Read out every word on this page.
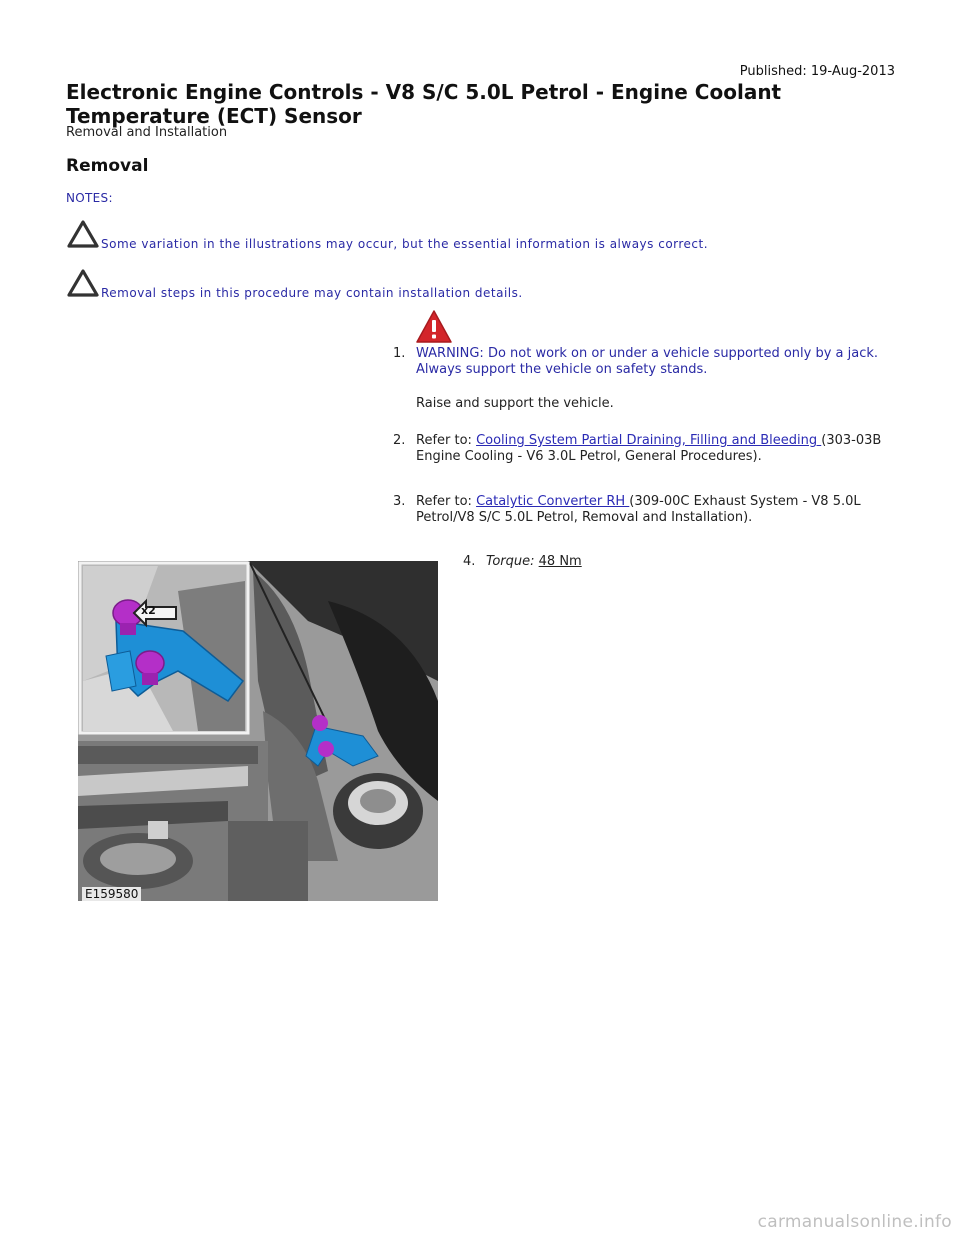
Published: 19-Aug-2013
Electronic Engine Controls - V8 S/C 5.0L Petrol - Engine Coolant Temperature (ECT) Sensor
Removal and Installation
Removal
NOTES:
Some variation in the illustrations may occur, but the essential information is always correct.
Removal steps in this procedure may contain installation details.
1. WARNING: Do not work on or under a vehicle supported only by a jack. Always support the vehicle on safety stands.
Raise and support the vehicle.
2. Refer to: Cooling System Partial Draining, Filling and Bleeding (303-03B Engine Cooling - V6 3.0L Petrol, General Procedures).
3. Refer to: Catalytic Converter RH (309-00C Exhaust System - V8 5.0L Petrol/V8 S/C 5.0L Petrol, Removal and Installation).
4. Torque: 48 Nm
x2
E159580
carmanualsonline.info
